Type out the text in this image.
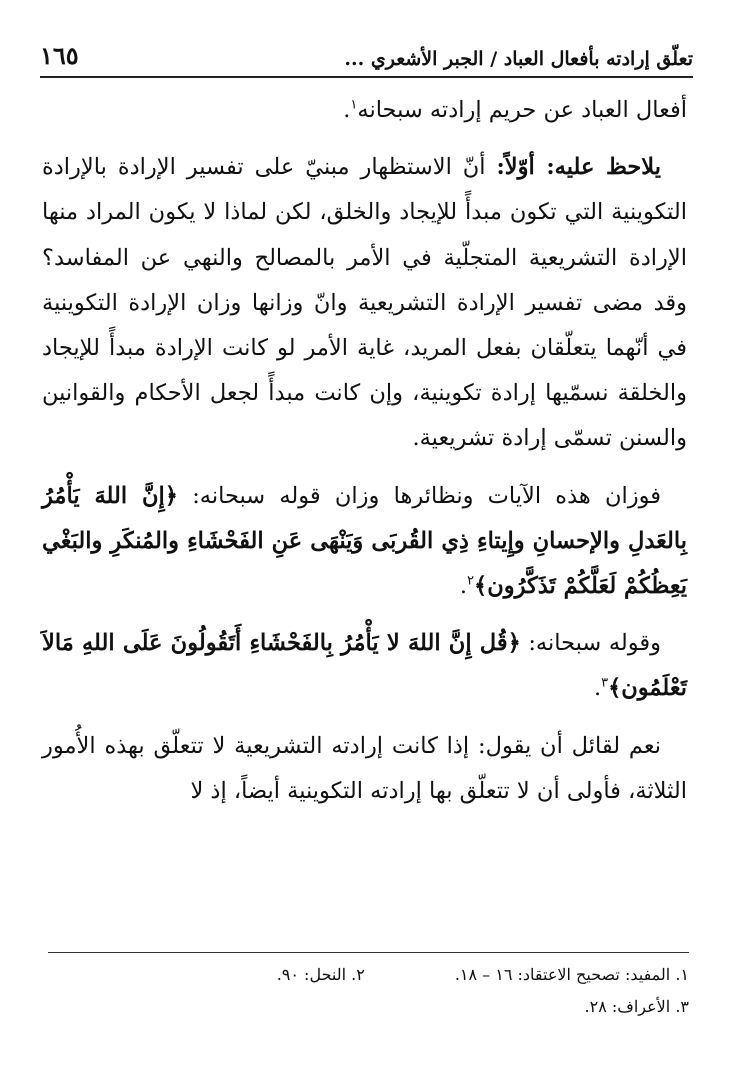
تعلّق إرادته بأفعال العباد / الجبر الأشعري ...
١٦٥

أفعال العباد عن حريم إرادته سبحانه$^١$.

يلاحظ عليه: أوّلاً: أنّ الاستظهار مبنيّ على تفسير الإرادة بالإرادة التكوينية التي تكون مبدأً للإيجاد والخلق، لكن لماذا لا يكون المراد منها الإرادة التشريعية المتجلّية في الأمر بالمصالح والنهي عن المفاسد؟ وقد مضى تفسير الإرادة التشريعية وانّ وزانها وزان الإرادة التكوينية في أنّهما يتعلّقان بفعل المريد، غاية الأمر لو كانت الإرادة مبدأً للإيجاد والخلقة نسمّيها إرادة تكوينية، وإن كانت مبدأً لجعل الأحكام والقوانين والسنن تسمّى إرادة تشريعية.

فوزان هذه الآيات ونظائرها وزان قوله سبحانه: ﴿إِنَّ اللهَ يَأْمُرُ بِالعَدلِ والإحسانِ وإِيتاءِ ذِي القُربَى وَيَنْهَى عَنِ الفَحْشَاءِ والمُنكَرِ والبَغْي يَعِظُكُمْ لَعَلَّكُمْ تَذَكَّرُون﴾$^٢$.

وقوله سبحانه: ﴿قُل إِنَّ اللهَ لا يَأْمُرُ بِالفَحْشَاءِ أَتَقُولُونَ عَلَى اللهِ مَالاَ تَعْلَمُون﴾$^٣$.

نعم لقائل أن يقول: إذا كانت إرادته التشريعية لا تتعلّق بهذه الأُمور الثلاثة، فأولى أن لا تتعلّق بها إرادته التكوينية أيضاً، إذ لا

١. المفيد: تصحيح الاعتقاد: ١٦ – ١٨.
٢. النحل: ٩٠.
٣. الأعراف: ٢٨.
